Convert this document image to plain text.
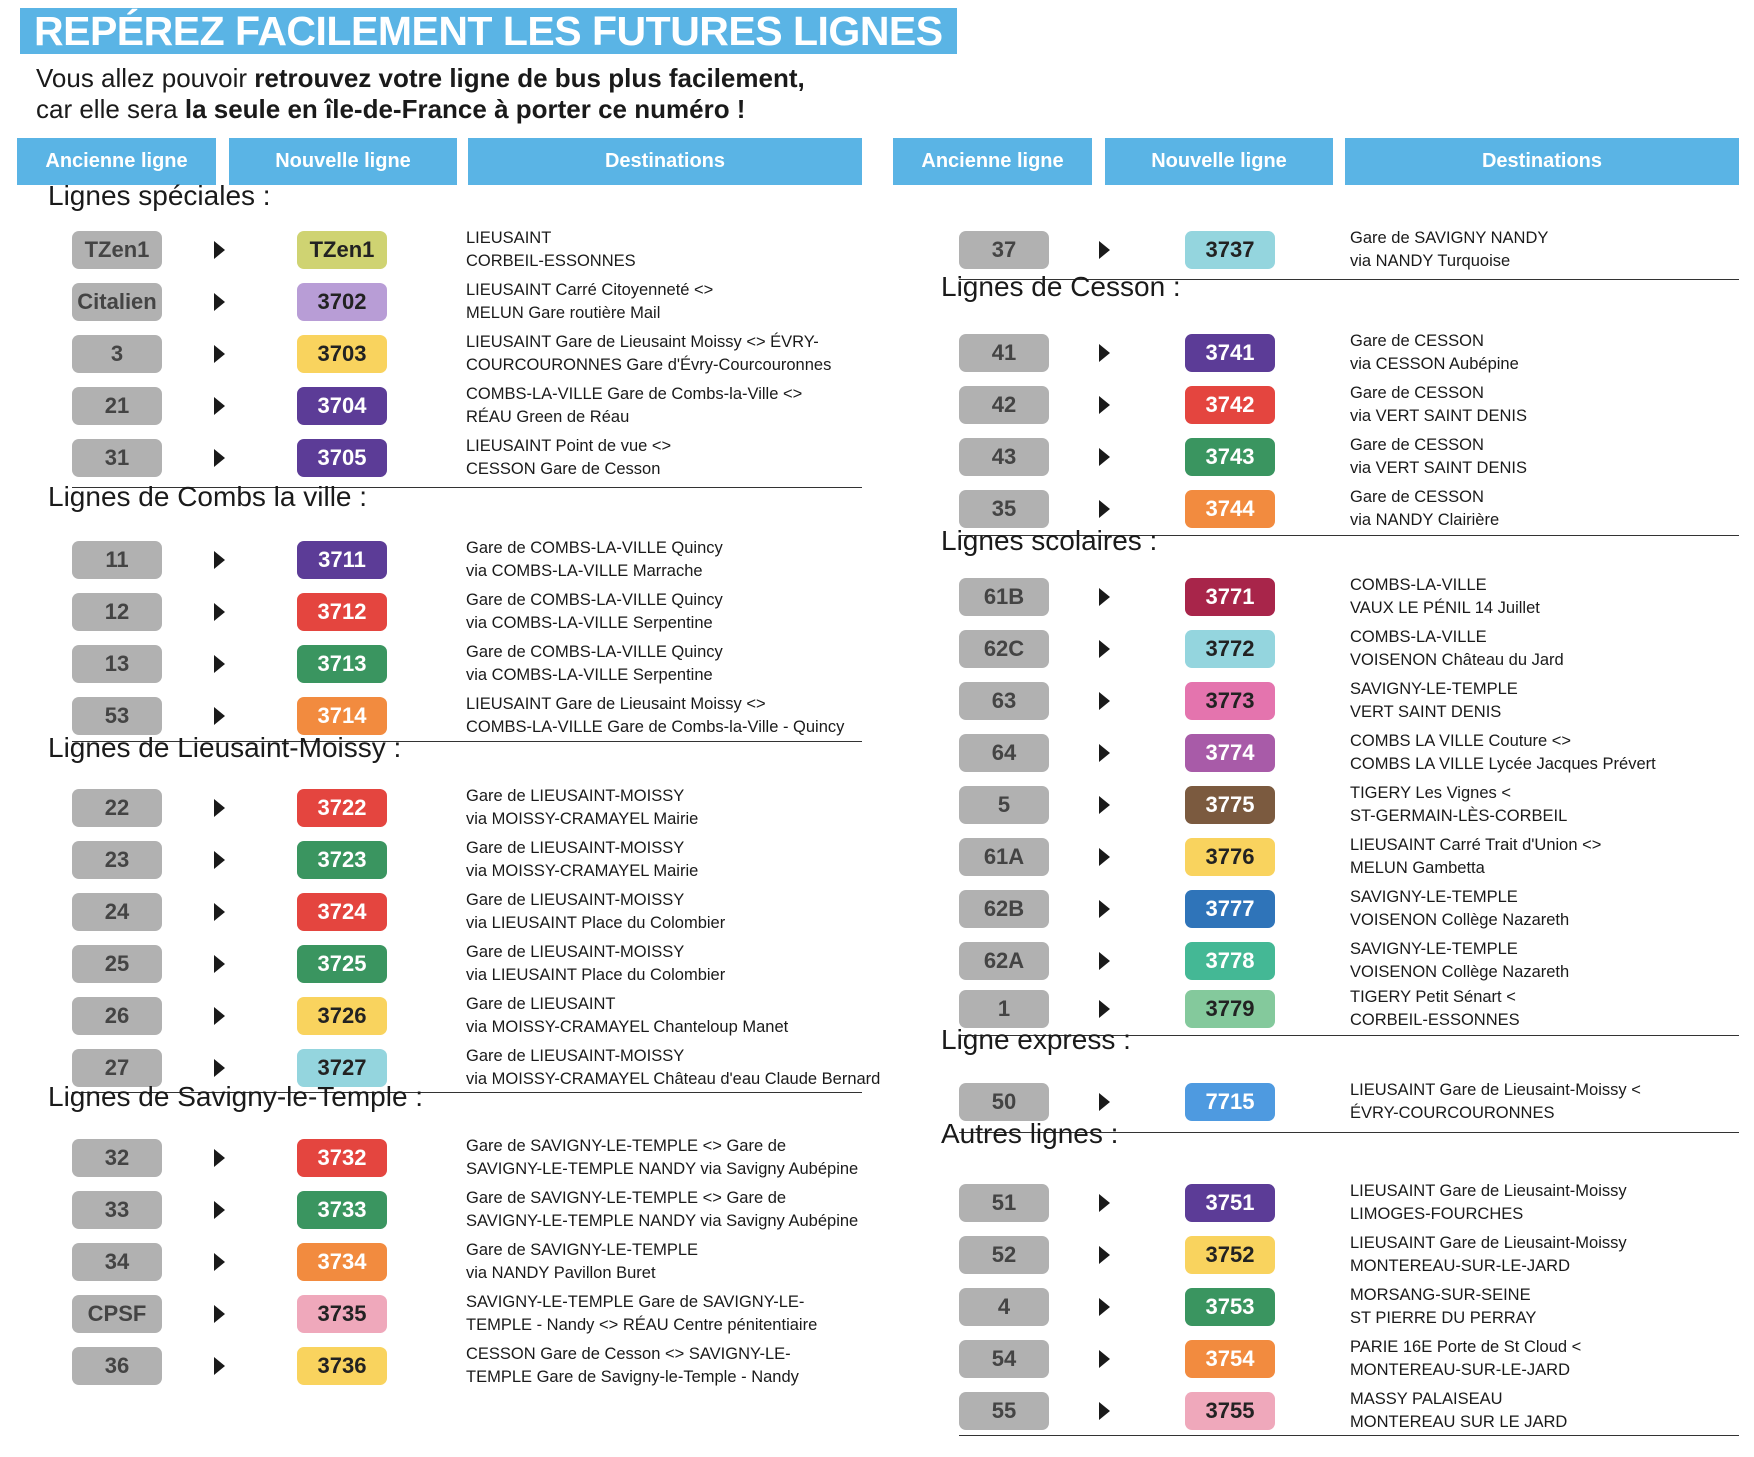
REPÉREZ FACILEMENT LES FUTURES LIGNES
Vous allez pouvoir retrouvez votre ligne de bus plus facilement,
car elle sera la seule en île-de-France à porter ce numéro !
Ancienne ligne	Nouvelle ligne	Destinations
Lignes spéciales :
TZen1	TZen1	LIEUSAINT
CORBEIL-ESSONNES
Citalien	3702	LIEUSAINT Carré Citoyenneté <>
MELUN Gare routière Mail
3	3703	LIEUSAINT Gare de Lieusaint Moissy <> ÉVRY-
COURCOURONNES Gare d'Évry-Courcouronnes
21	3704	COMBS-LA-VILLE Gare de Combs-la-Ville <>
RÉAU Green de Réau
31	3705	LIEUSAINT Point de vue <>
CESSON Gare de Cesson
Lignes de Combs la ville :
11	3711	Gare de COMBS-LA-VILLE Quincy
via COMBS-LA-VILLE Marrache
12	3712	Gare de COMBS-LA-VILLE Quincy
via COMBS-LA-VILLE Serpentine
13	3713	Gare de COMBS-LA-VILLE Quincy
via COMBS-LA-VILLE Serpentine
53	3714	LIEUSAINT Gare de Lieusaint Moissy <>
COMBS-LA-VILLE Gare de Combs-la-Ville - Quincy
Lignes de Lieusaint-Moissy :
22	3722	Gare de LIEUSAINT-MOISSY
via MOISSY-CRAMAYEL Mairie
23	3723	Gare de LIEUSAINT-MOISSY
via MOISSY-CRAMAYEL Mairie
24	3724	Gare de LIEUSAINT-MOISSY
via LIEUSAINT Place du Colombier
25	3725	Gare de LIEUSAINT-MOISSY
via LIEUSAINT Place du Colombier
26	3726	Gare de LIEUSAINT
via MOISSY-CRAMAYEL Chanteloup Manet
27	3727	Gare de LIEUSAINT-MOISSY
via MOISSY-CRAMAYEL Château d'eau Claude Bernard
Lignes de Savigny-le-Temple :
32	3732	Gare de SAVIGNY-LE-TEMPLE <> Gare de
SAVIGNY-LE-TEMPLE NANDY via Savigny Aubépine
33	3733	Gare de SAVIGNY-LE-TEMPLE <> Gare de
SAVIGNY-LE-TEMPLE NANDY via Savigny Aubépine
34	3734	Gare de SAVIGNY-LE-TEMPLE
via NANDY Pavillon Buret
CPSF	3735	SAVIGNY-LE-TEMPLE Gare de SAVIGNY-LE-
TEMPLE - Nandy <> RÉAU Centre pénitentiaire
36	3736	CESSON Gare de Cesson <> SAVIGNY-LE-
TEMPLE Gare de Savigny-le-Temple - Nandy
Ancienne ligne	Nouvelle ligne	Destinations
37	3737	Gare de SAVIGNY NANDY
via NANDY Turquoise
Lignes de Cesson :
41	3741	Gare de CESSON
via CESSON Aubépine
42	3742	Gare de CESSON
via VERT SAINT DENIS
43	3743	Gare de CESSON
via VERT SAINT DENIS
35	3744	Gare de CESSON
via NANDY Clairière
Lignes scolaires :
61B	3771	COMBS-LA-VILLE
VAUX LE PÉNIL 14 Juillet
62C	3772	COMBS-LA-VILLE
VOISENON Château du Jard
63	3773	SAVIGNY-LE-TEMPLE
VERT SAINT DENIS
64	3774	COMBS LA VILLE Couture <>
COMBS LA VILLE Lycée Jacques Prévert
5	3775	TIGERY Les Vignes <
ST-GERMAIN-LÈS-CORBEIL
61A	3776	LIEUSAINT Carré Trait d'Union <>
MELUN Gambetta
62B	3777	SAVIGNY-LE-TEMPLE
VOISENON Collège Nazareth
62A	3778	SAVIGNY-LE-TEMPLE
VOISENON Collège Nazareth
1	3779	TIGERY Petit Sénart <
CORBEIL-ESSONNES
Ligne express :
50	7715	LIEUSAINT Gare de Lieusaint-Moissy <
ÉVRY-COURCOURONNES
Autres lignes :
51	3751	LIEUSAINT Gare de Lieusaint-Moissy
LIMOGES-FOURCHES
52	3752	LIEUSAINT Gare de Lieusaint-Moissy
MONTEREAU-SUR-LE-JARD
4	3753	MORSANG-SUR-SEINE
ST PIERRE DU PERRAY
54	3754	PARIE 16E Porte de St Cloud <
MONTEREAU-SUR-LE-JARD
55	3755	MASSY PALAISEAU
MONTEREAU SUR LE JARD
